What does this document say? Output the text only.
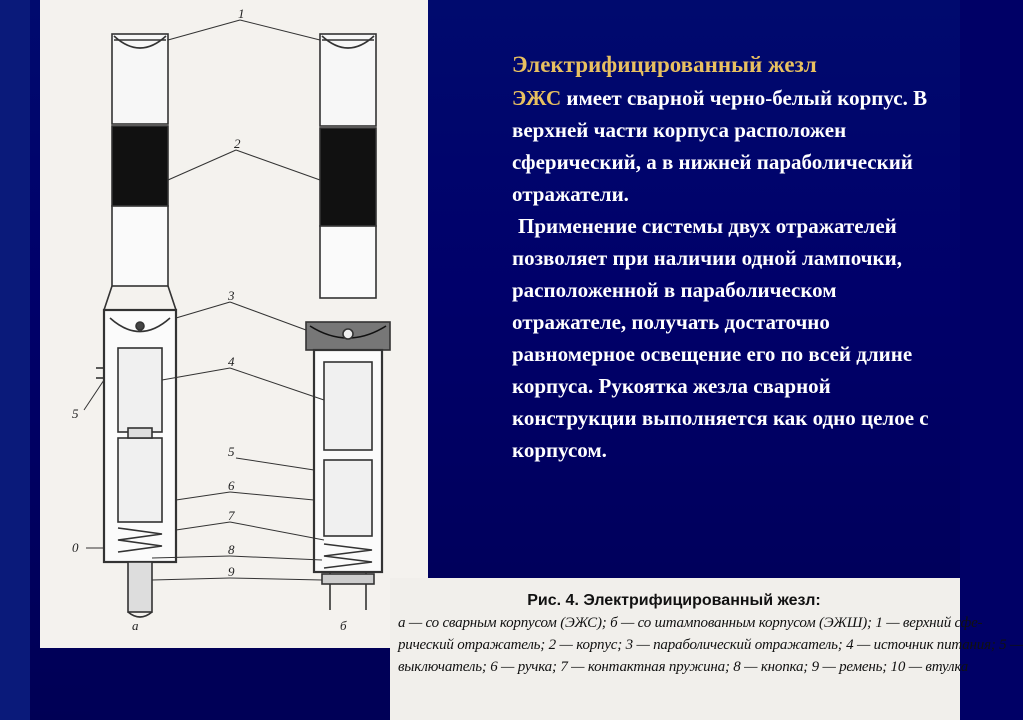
1
2
3
4
5
5
6
7
8
9
0
а	б
Электрифицированный жезл
ЭЖС имеет сварной черно-белый корпус. В верхней части корпуса расположен сферический, а в нижней параболический отражатели.
Применение системы двух отражателей позволяет при наличии одной лампочки, расположенной в параболическом отражателе, получать достаточно равномерное освещение его по всей длине корпуса. Рукоятка жезла сварной конструкции выполняется как одно целое с корпусом.
Рис. 4. Электрифицированный жезл:

а — со сварным корпусом (ЭЖС); б — со штампованным корпусом (ЭЖШ); 1 — верхний сфе-

рический отражатель; 2 — корпус; 3 — параболический отражатель; 4 — источник питания; 5 —

выключатель; 6 — ручка; 7 — контактная пружина; 8 — кнопка; 9 — ремень; 10 — втулка
